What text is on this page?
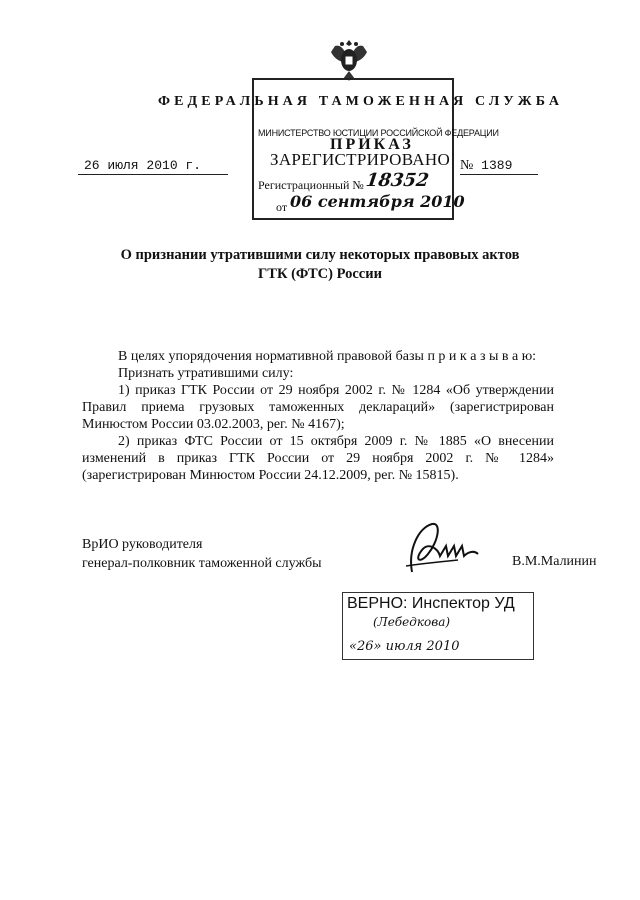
ФЕДЕРАЛЬНАЯ ТАМОЖЕННАЯ СЛУЖБА
МИНИСТЕРСТВО ЮСТИЦИИ РОССИЙСКОЙ ФЕДЕРАЦИИ
ЗАРЕГИСТРИРОВАНО
Регистрационный № 18352
от 06 сентября 2010
ПРИКАЗ
26 июля 2010 г.	№ 1389
О признании утратившими силу некоторых правовых актов
ГТК (ФТС) России
В целях упорядочения нормативной правовой базы п р и к а з ы в а ю:
Признать утратившими силу:
1) приказ ГТК России от 29 ноября 2002 г. № 1284 «Об утверждении Правил приема грузовых таможенных деклараций» (зарегистрирован Минюстом России 03.02.2003, рег. № 4167);
2) приказ ФТС России от 15 октября 2009 г. № 1885 «О внесении изменений в приказ ГТК России от 29 ноября 2002 г. № 1284» (зарегистрирован Минюстом России 24.12.2009, рег. № 15815).
ВрИО руководителя
генерал-полковник таможенной службы	В.М.Малинин
ВЕРНО: Инспектор УД
(Лебедкова)
«26» июля 2010
